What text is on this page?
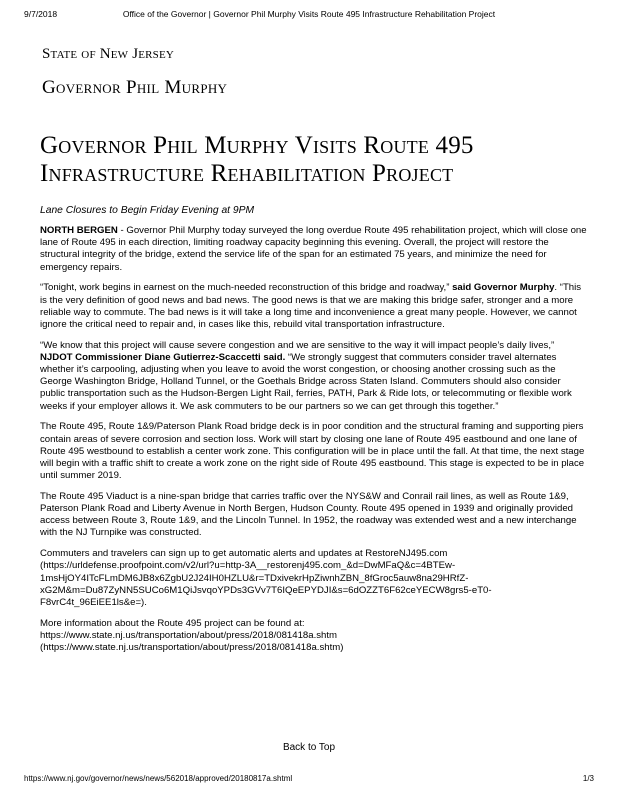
9/7/2018	Office of the Governor | Governor Phil Murphy Visits Route 495 Infrastructure Rehabilitation Project
State of New Jersey
Governor Phil Murphy
Governor Phil Murphy Visits Route 495
Infrastructure Rehabilitation Project
Lane Closures to Begin Friday Evening at 9PM

NORTH BERGEN - Governor Phil Murphy today surveyed the long overdue Route 495 rehabilitation project, which will close one lane of Route 495 in each direction, limiting roadway capacity beginning this evening. Overall, the project will restore the structural integrity of the bridge, extend the service life of the span for an estimated 75 years, and minimize the need for emergency repairs.

“Tonight, work begins in earnest on the much-needed reconstruction of this bridge and roadway,” said Governor Murphy. “This is the very definition of good news and bad news. The good news is that we are making this bridge safer, stronger and a more reliable way to commute. The bad news is it will take a long time and inconvenience a great many people. However, we cannot ignore the critical need to repair and, in cases like this, rebuild vital transportation infrastructure.

“We know that this project will cause severe congestion and we are sensitive to the way it will impact people’s daily lives,” NJDOT Commissioner Diane Gutierrez-Scaccetti said. “We strongly suggest that commuters consider travel alternates whether it’s carpooling, adjusting when you leave to avoid the worst congestion, or choosing another crossing such as the George Washington Bridge, Holland Tunnel, or the Goethals Bridge across Staten Island. Commuters should also consider public transportation such as the Hudson-Bergen Light Rail, ferries, PATH, Park & Ride lots, or telecommuting or flexible work weeks if your employer allows it. We ask commuters to be our partners so we can get through this together.”

The Route 495, Route 1&9/Paterson Plank Road bridge deck is in poor condition and the structural framing and supporting piers contain areas of severe corrosion and section loss. Work will start by closing one lane of Route 495 eastbound and one lane of Route 495 westbound to establish a center work zone. This configuration will be in place until the fall. At that time, the next stage will begin with a traffic shift to create a work zone on the right side of Route 495 eastbound. This stage is expected to be in place until summer 2019.

The Route 495 Viaduct is a nine-span bridge that carries traffic over the NYS&W and Conrail rail lines, as well as Route 1&9, Paterson Plank Road and Liberty Avenue in North Bergen, Hudson County. Route 495 opened in 1939 and originally provided access between Route 3, Route 1&9, and the Lincoln Tunnel. In 1952, the roadway was extended west and a new interchange with the NJ Turnpike was constructed.

Commuters and travelers can sign up to get automatic alerts and updates at RestoreNJ495.com (https://urldefense.proofpoint.com/v2/url?u=http-3A__restorenj495.com_&d=DwMFaQ&c=4BTEw-1msHjOY4ITcFLmDM6JB8x6ZgbU2J24IH0HZLU&r=TDxivekrHpZiwnhZBN_8fGroc5auw8na29HRfZ-xG2M&m=Du87ZyNN5SUCo6M1QiJsvqoYPDs3GVv7T6IQeEPYDJI&s=6dOZZT6F62ceYECW8grs5-eT0-F8vrC4t_96EiEE1ls&e=).

More information about the Route 495 project can be found at:
https://www.state.nj.us/transportation/about/press/2018/081418a.shtm
(https://www.state.nj.us/transportation/about/press/2018/081418a.shtm)

Back to Top
https://www.nj.gov/governor/news/news/562018/approved/20180817a.shtml	1/3
